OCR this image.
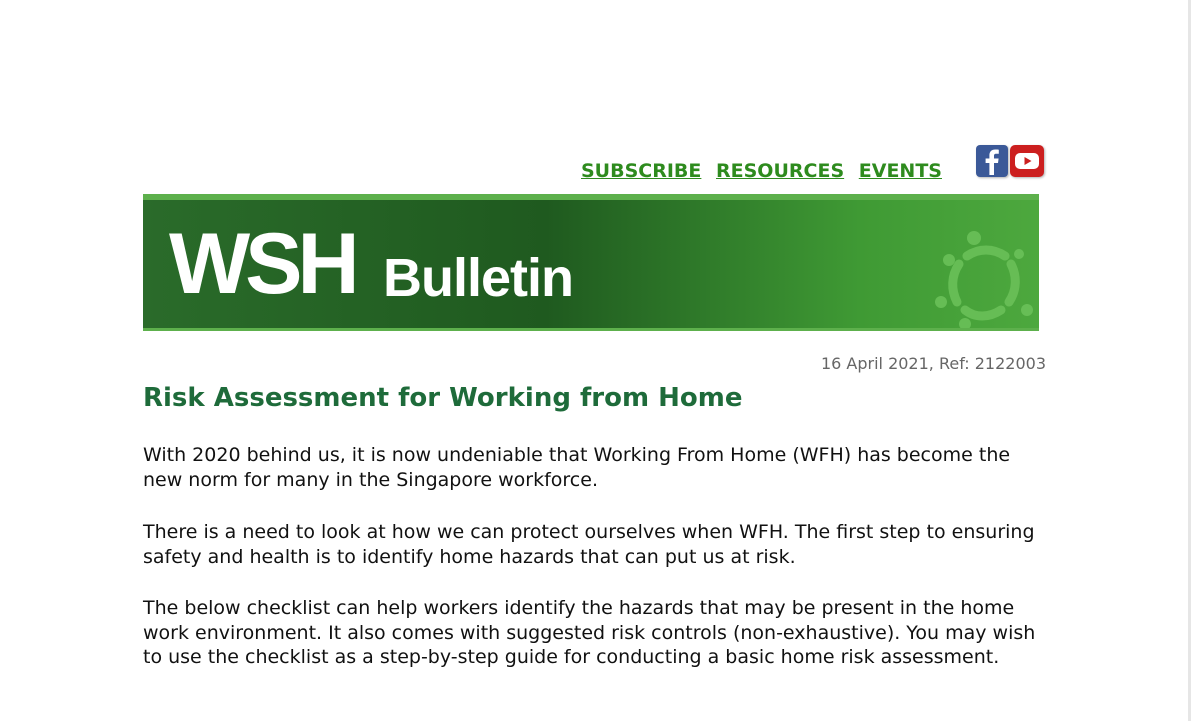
SUBSCRIBE RESOURCES EVENTS
WSH Bulletin
16 April 2021, Ref: 2122003
Risk Assessment for Working from Home

With 2020 behind us, it is now undeniable that Working From Home (WFH) has become the new norm for many in the Singapore workforce.

There is a need to look at how we can protect ourselves when WFH. The first step to ensuring safety and health is to identify home hazards that can put us at risk.

The below checklist can help workers identify the hazards that may be present in the home work environment. It also comes with suggested risk controls (non-exhaustive). You may wish to use the checklist as a step-by-step guide for conducting a basic home risk assessment.
